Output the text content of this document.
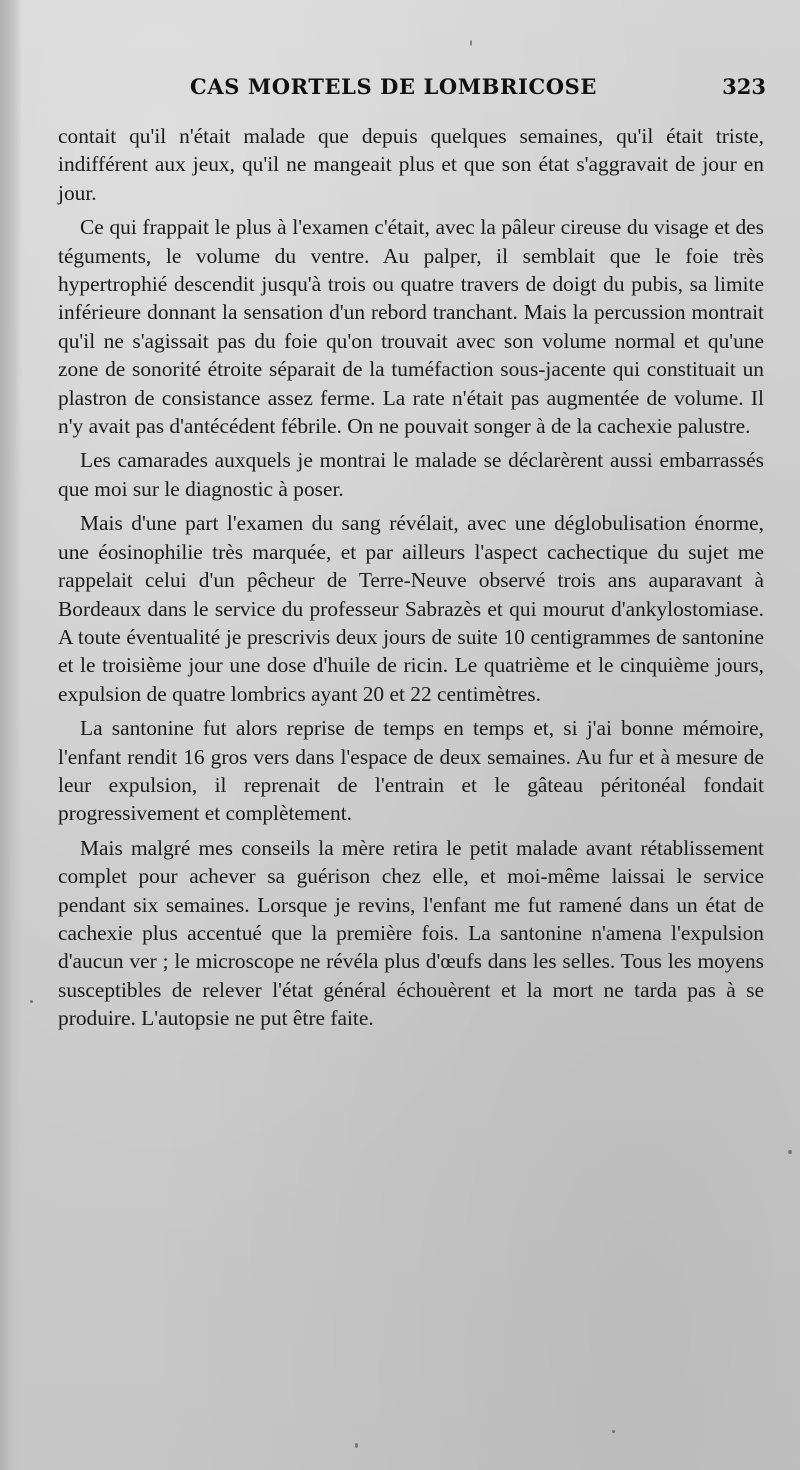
CAS MORTELS DE LOMBRICOSE	323

contait qu'il n'était malade que depuis quelques semaines, qu'il était triste, indifférent aux jeux, qu'il ne mangeait plus et que son état s'aggravait de jour en jour.

Ce qui frappait le plus à l'examen c'était, avec la pâleur cireuse du visage et des téguments, le volume du ventre. Au palper, il semblait que le foie très hypertrophié descendit jusqu'à trois ou quatre travers de doigt du pubis, sa limite inférieure donnant la sensation d'un rebord tranchant. Mais la percussion montrait qu'il ne s'agissait pas du foie qu'on trouvait avec son volume normal et qu'une zone de sonorité étroite séparait de la tuméfaction sous-jacente qui constituait un plastron de consistance assez ferme. La rate n'était pas augmentée de volume. Il n'y avait pas d'antécédent fébrile. On ne pouvait songer à de la cachexie palustre.

Les camarades auxquels je montrai le malade se déclarèrent aussi embarrassés que moi sur le diagnostic à poser.

Mais d'une part l'examen du sang révélait, avec une déglobulisation énorme, une éosinophilie très marquée, et par ailleurs l'aspect cachectique du sujet me rappelait celui d'un pêcheur de Terre-Neuve observé trois ans auparavant à Bordeaux dans le service du professeur Sabrazès et qui mourut d'ankylostomiase. A toute éventualité je prescrivis deux jours de suite 10 centigrammes de santonine et le troisième jour une dose d'huile de ricin. Le quatrième et le cinquième jours, expulsion de quatre lombrics ayant 20 et 22 centimètres.

La santonine fut alors reprise de temps en temps et, si j'ai bonne mémoire, l'enfant rendit 16 gros vers dans l'espace de deux semaines. Au fur et à mesure de leur expulsion, il reprenait de l'entrain et le gâteau péritonéal fondait progressivement et complètement.

Mais malgré mes conseils la mère retira le petit malade avant rétablissement complet pour achever sa guérison chez elle, et moi-même laissai le service pendant six semaines. Lorsque je revins, l'enfant me fut ramené dans un état de cachexie plus accentué que la première fois. La santonine n'amena l'expulsion d'aucun ver ; le microscope ne révéla plus d'œufs dans les selles. Tous les moyens susceptibles de relever l'état général échouèrent et la mort ne tarda pas à se produire. L'autopsie ne put être faite.
